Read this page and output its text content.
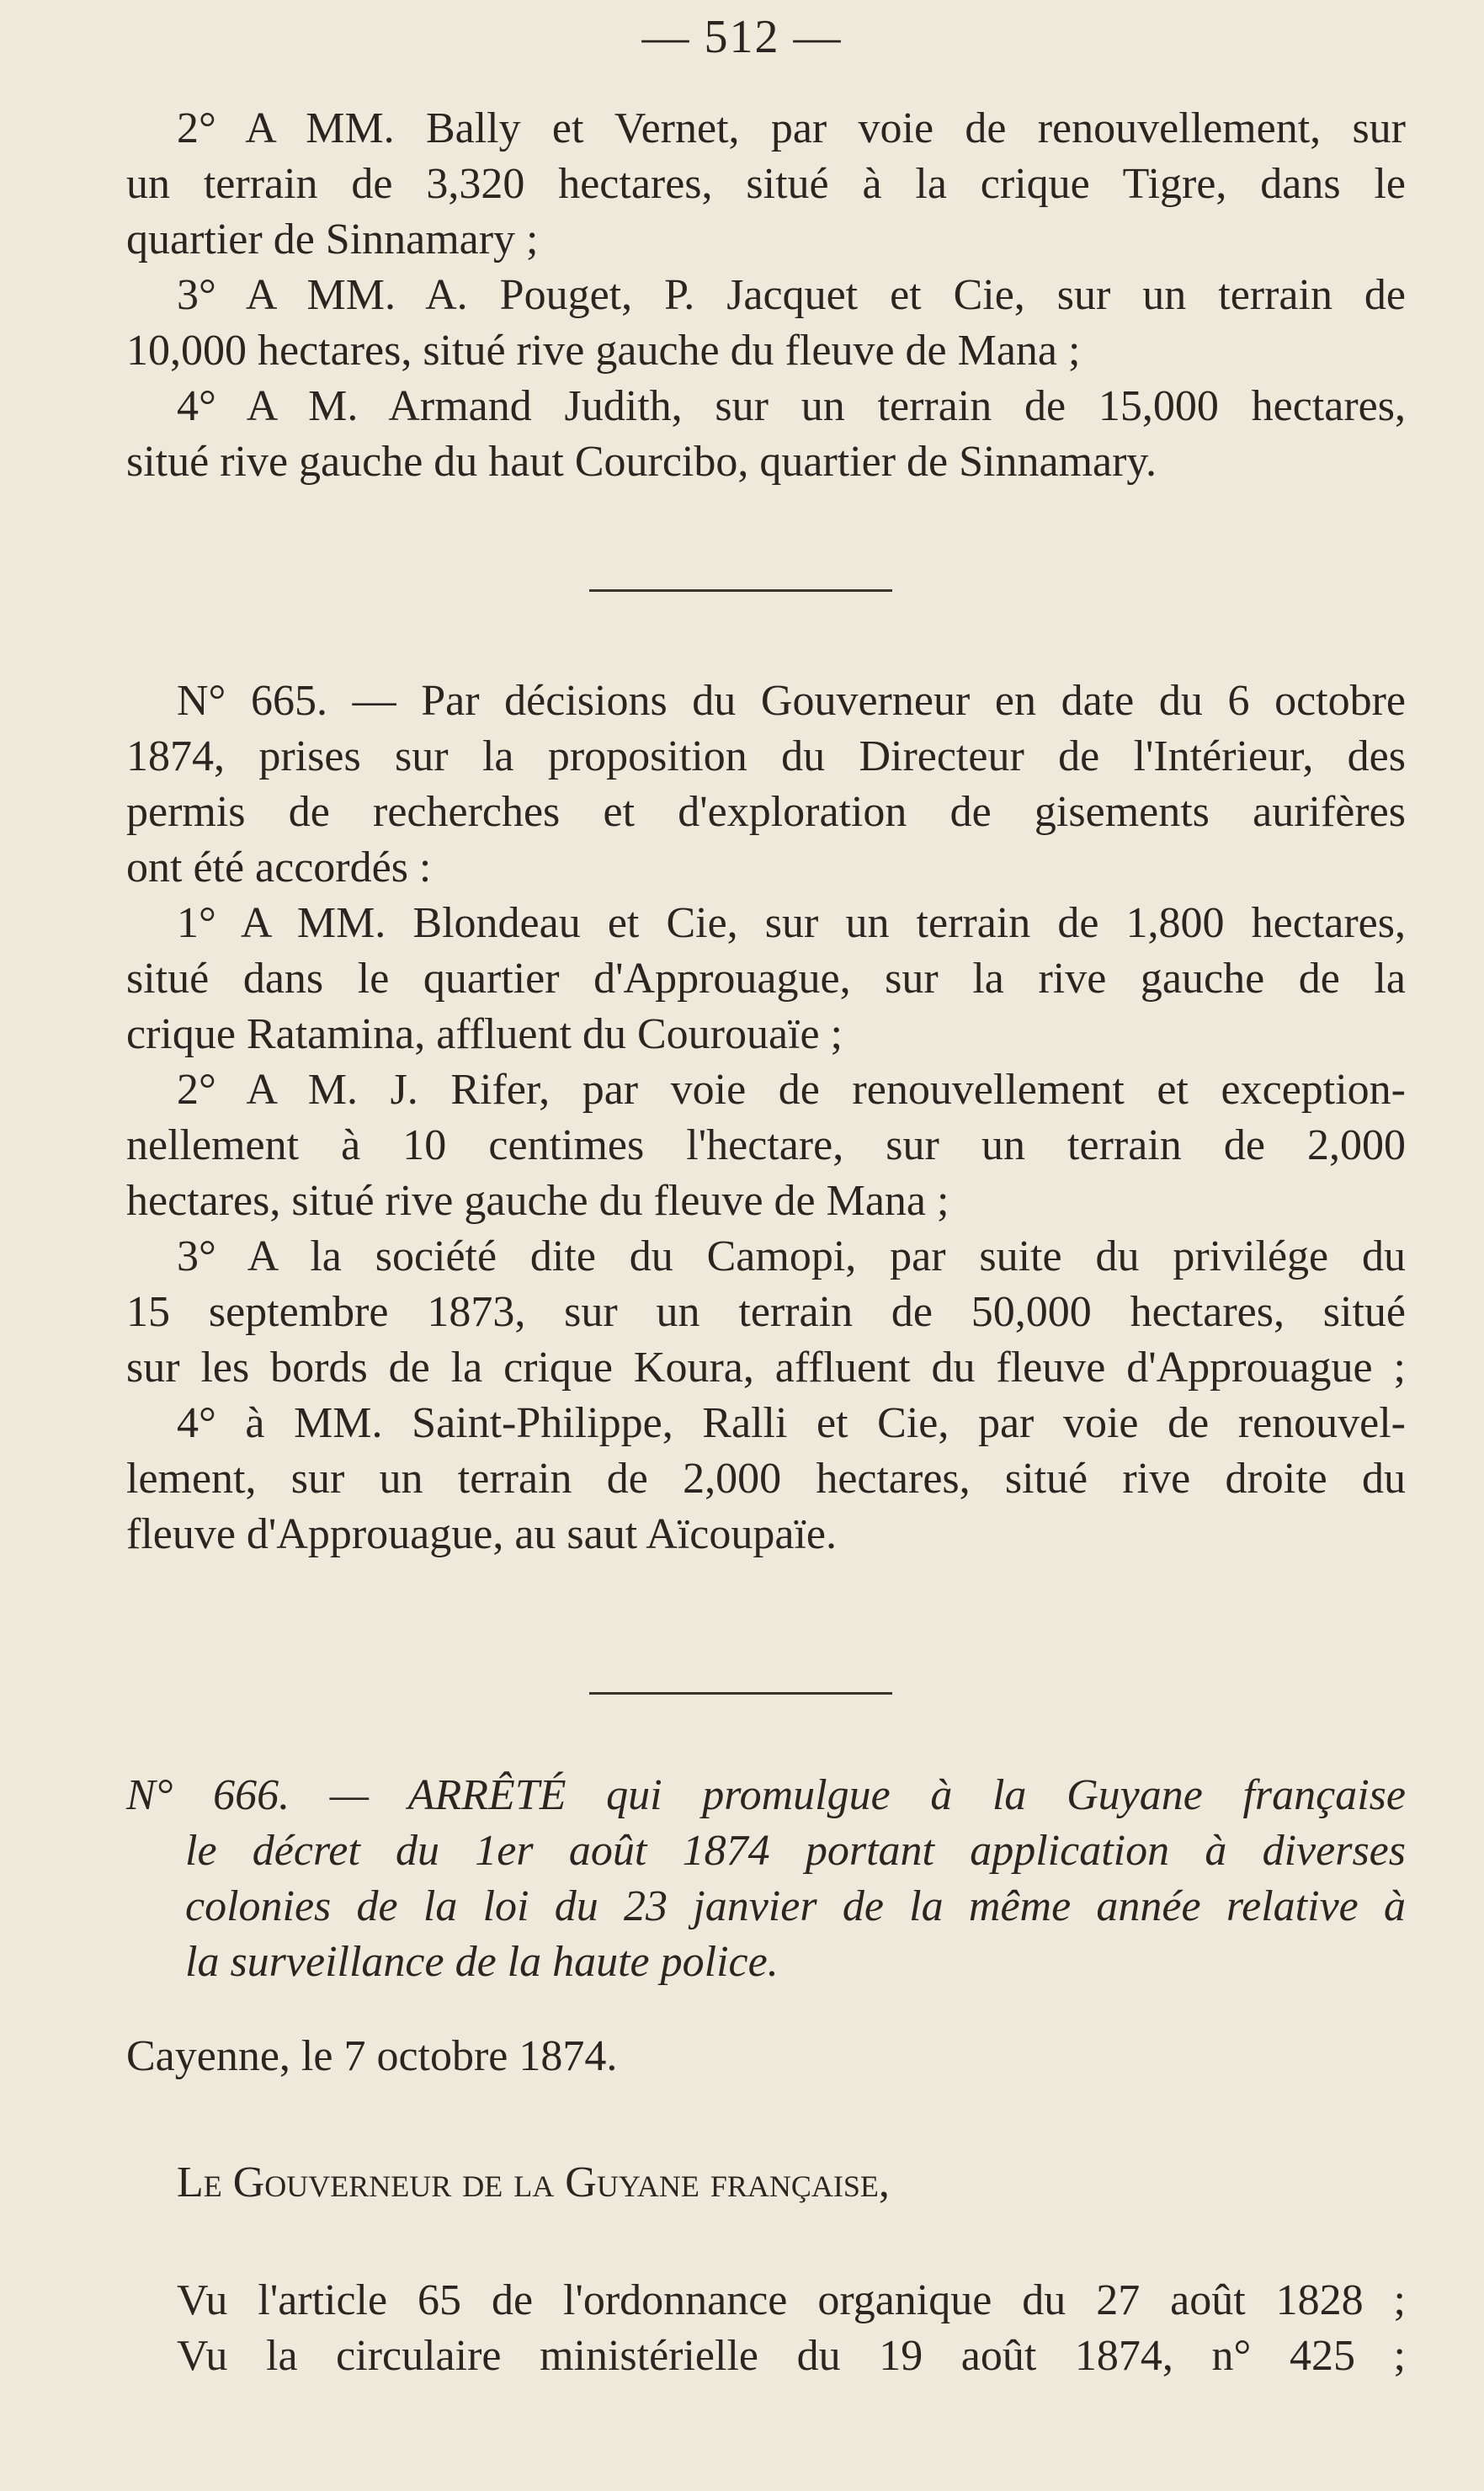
— 512 —
2° A MM. Bally et Vernet, par voie de renouvellement, sur
un terrain de 3,320 hectares, situé à la crique Tigre, dans le
quartier de Sinnamary ;
3° A MM. A. Pouget, P. Jacquet et Cie, sur un terrain de
10,000 hectares, situé rive gauche du fleuve de Mana ;
4° A M. Armand Judith, sur un terrain de 15,000 hectares,
situé rive gauche du haut Courcibo, quartier de Sinnamary.
N° 665. — Par décisions du Gouverneur en date du 6 octobre
1874, prises sur la proposition du Directeur de l'Intérieur, des
permis de recherches et d'exploration de gisements aurifères
ont été accordés :
1° A MM. Blondeau et Cie, sur un terrain de 1,800 hectares,
situé dans le quartier d'Approuague, sur la rive gauche de la
crique Ratamina, affluent du Courouaïe ;
2° A M. J. Rifer, par voie de renouvellement et exception-
nellement à 10 centimes l'hectare, sur un terrain de 2,000
hectares, situé rive gauche du fleuve de Mana ;
3° A la société dite du Camopi, par suite du privilége du
15 septembre 1873, sur un terrain de 50,000 hectares, situé
sur les bords de la crique Koura, affluent du fleuve d'Approuague ;
4° à MM. Saint-Philippe, Ralli et Cie, par voie de renouvel-
lement, sur un terrain de 2,000 hectares, situé rive droite du
fleuve d'Approuague, au saut Aïcoupaïe.
N° 666. — ARRÊTÉ qui promulgue à la Guyane française
le décret du 1er août 1874 portant application à diverses
colonies de la loi du 23 janvier de la même année relative à
la surveillance de la haute police.
Cayenne, le 7 octobre 1874.
Le Gouverneur de la Guyane française,
Vu l'article 65 de l'ordonnance organique du 27 août 1828 ;
Vu la circulaire ministérielle du 19 août 1874, n° 425 ;
